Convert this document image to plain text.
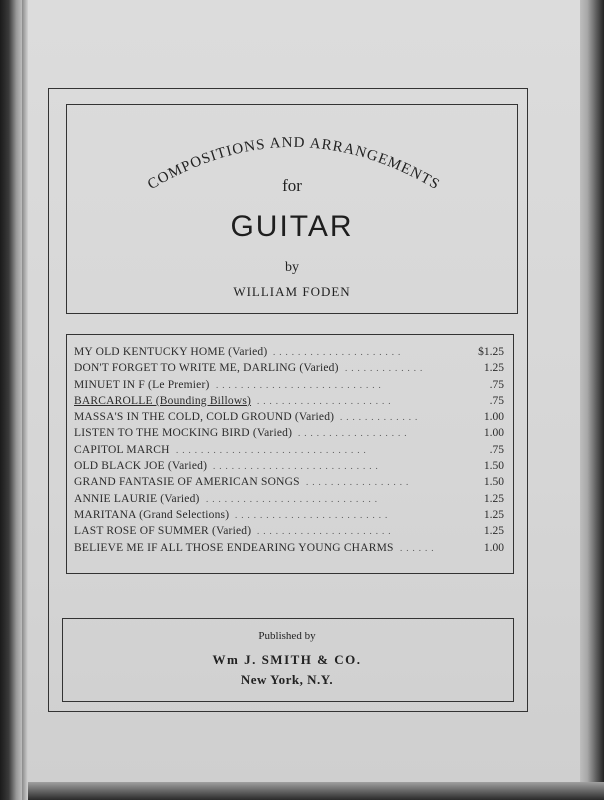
COMPOSITIONS AND ARRANGEMENTS
for
GUITAR
by
WILLIAM FODEN
MY OLD KENTUCKY HOME (Varied) .....................	$1.25
DON'T FORGET TO WRITE ME, DARLING (Varied) .............	1.25
MINUET IN F (Le Premier) ...........................	.75
BARCAROLLE (Bounding Billows) ......................	.75
MASSA'S IN THE COLD, COLD GROUND (Varied) .............	1.00
LISTEN TO THE MOCKING BIRD (Varied) ..................	1.00
CAPITOL MARCH ...............................	.75
OLD BLACK JOE (Varied) ...........................	1.50
GRAND FANTASIE OF AMERICAN SONGS .................	1.50
ANNIE LAURIE (Varied) ............................	1.25
MARITANA (Grand Selections) .........................	1.25
LAST ROSE OF SUMMER (Varied) ......................	1.25
BELIEVE ME IF ALL THOSE ENDEARING YOUNG CHARMS ......	1.00
Published by
Wm J. SMITH & CO.
New York, N.Y.
